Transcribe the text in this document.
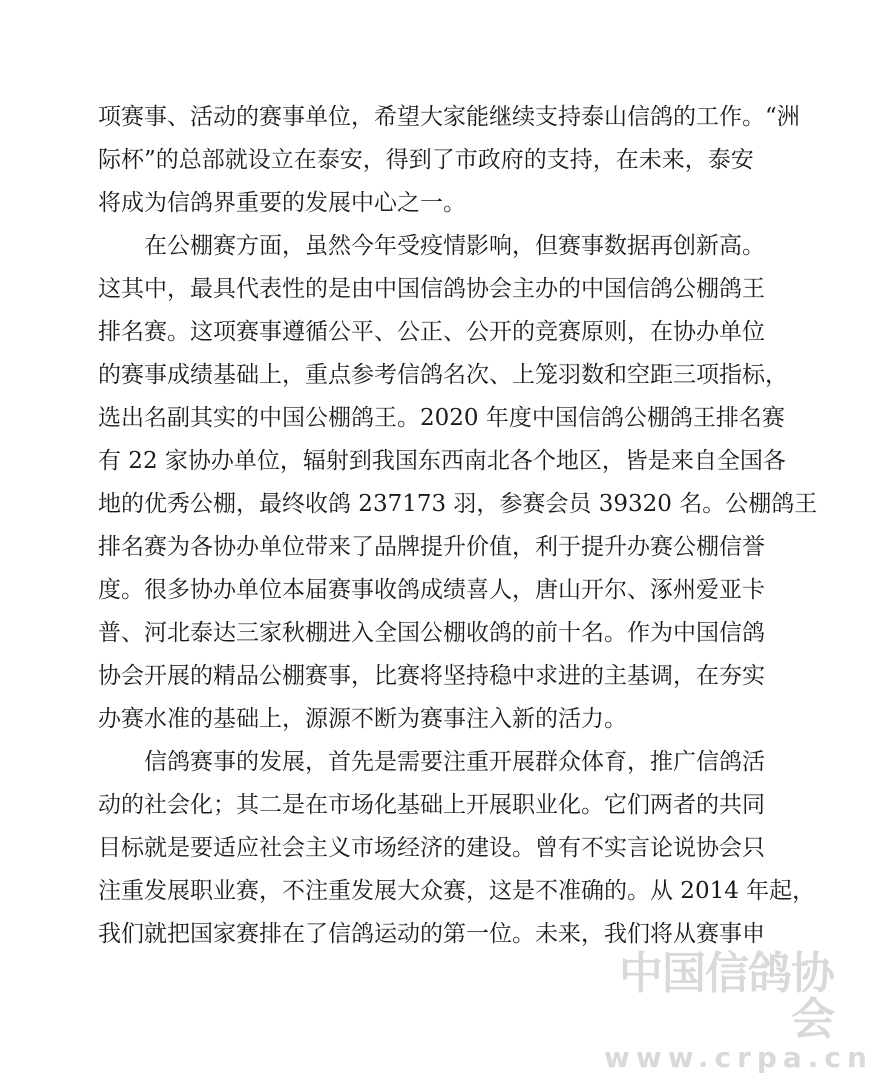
项赛事、活动的赛事单位，希望大家能继续支持泰山信鸽的工作。“洲
际杯”的总部就设立在泰安，得到了市政府的支持，在未来，泰安
将成为信鸽界重要的发展中心之一。
在公棚赛方面，虽然今年受疫情影响，但赛事数据再创新高。
这其中，最具代表性的是由中国信鸽协会主办的中国信鸽公棚鸽王
排名赛。这项赛事遵循公平、公正、公开的竞赛原则，在协办单位
的赛事成绩基础上，重点参考信鸽名次、上笼羽数和空距三项指标，
选出名副其实的中国公棚鸽王。2020 年度中国信鸽公棚鸽王排名赛
有 22 家协办单位，辐射到我国东西南北各个地区，皆是来自全国各
地的优秀公棚，最终收鸽 237173 羽，参赛会员 39320 名。公棚鸽王
排名赛为各协办单位带来了品牌提升价值，利于提升办赛公棚信誉
度。很多协办单位本届赛事收鸽成绩喜人，唐山开尔、涿州爱亚卡
普、河北泰达三家秋棚进入全国公棚收鸽的前十名。作为中国信鸽
协会开展的精品公棚赛事，比赛将坚持稳中求进的主基调，在夯实
办赛水准的基础上，源源不断为赛事注入新的活力。
信鸽赛事的发展，首先是需要注重开展群众体育，推广信鸽活
动的社会化；其二是在市场化基础上开展职业化。它们两者的共同
目标就是要适应社会主义市场经济的建设。曾有不实言论说协会只
注重发展职业赛，不注重发展大众赛，这是不准确的。从 2014 年起，
我们就把国家赛排在了信鸽运动的第一位。未来，我们将从赛事申
中国信鸽协会
www.crpa.cn
